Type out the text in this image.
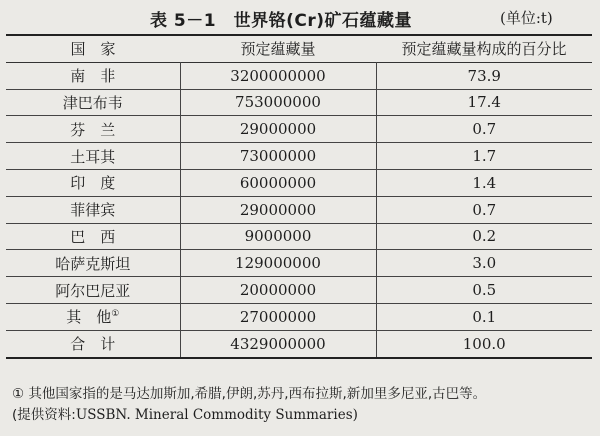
表 5－1　世界铬(Cr)矿石蕴藏量	(单位:t)
国　家	预定蕴藏量	预定蕴藏量构成的百分比
南　非	3200000000	73.9
津巴布韦	753000000	17.4
芬　兰	29000000	0.7
土耳其	73000000	1.7
印　度	60000000	1.4
菲律宾	29000000	0.7
巴　西	9000000	0.2
哈萨克斯坦	129000000	3.0
阿尔巴尼亚	20000000	0.5
其　他①	27000000	0.1
合　计	4329000000	100.0
① 其他国家指的是马达加斯加,希腊,伊朗,苏丹,西布拉斯,新加里多尼亚,古巴等。
(提供资料:USSBN. Mineral Commodity Summaries)
